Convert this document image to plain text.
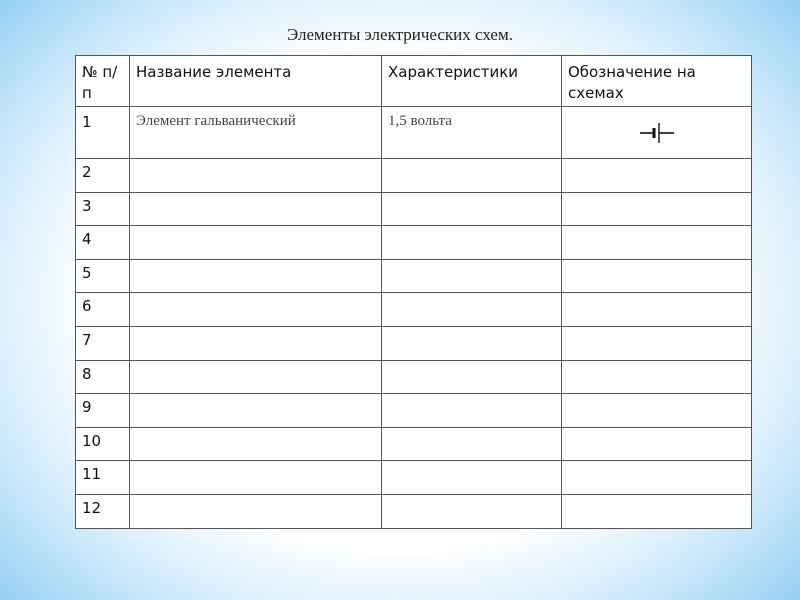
Элементы электрических схем.
№ п/п	Название элемента	Характеристики	Обозначение на схемах
1	Элемент гальванический	1,5 вольта	
2			
3			
4			
5			
6			
7			
8			
9			
10			
11			
12			
